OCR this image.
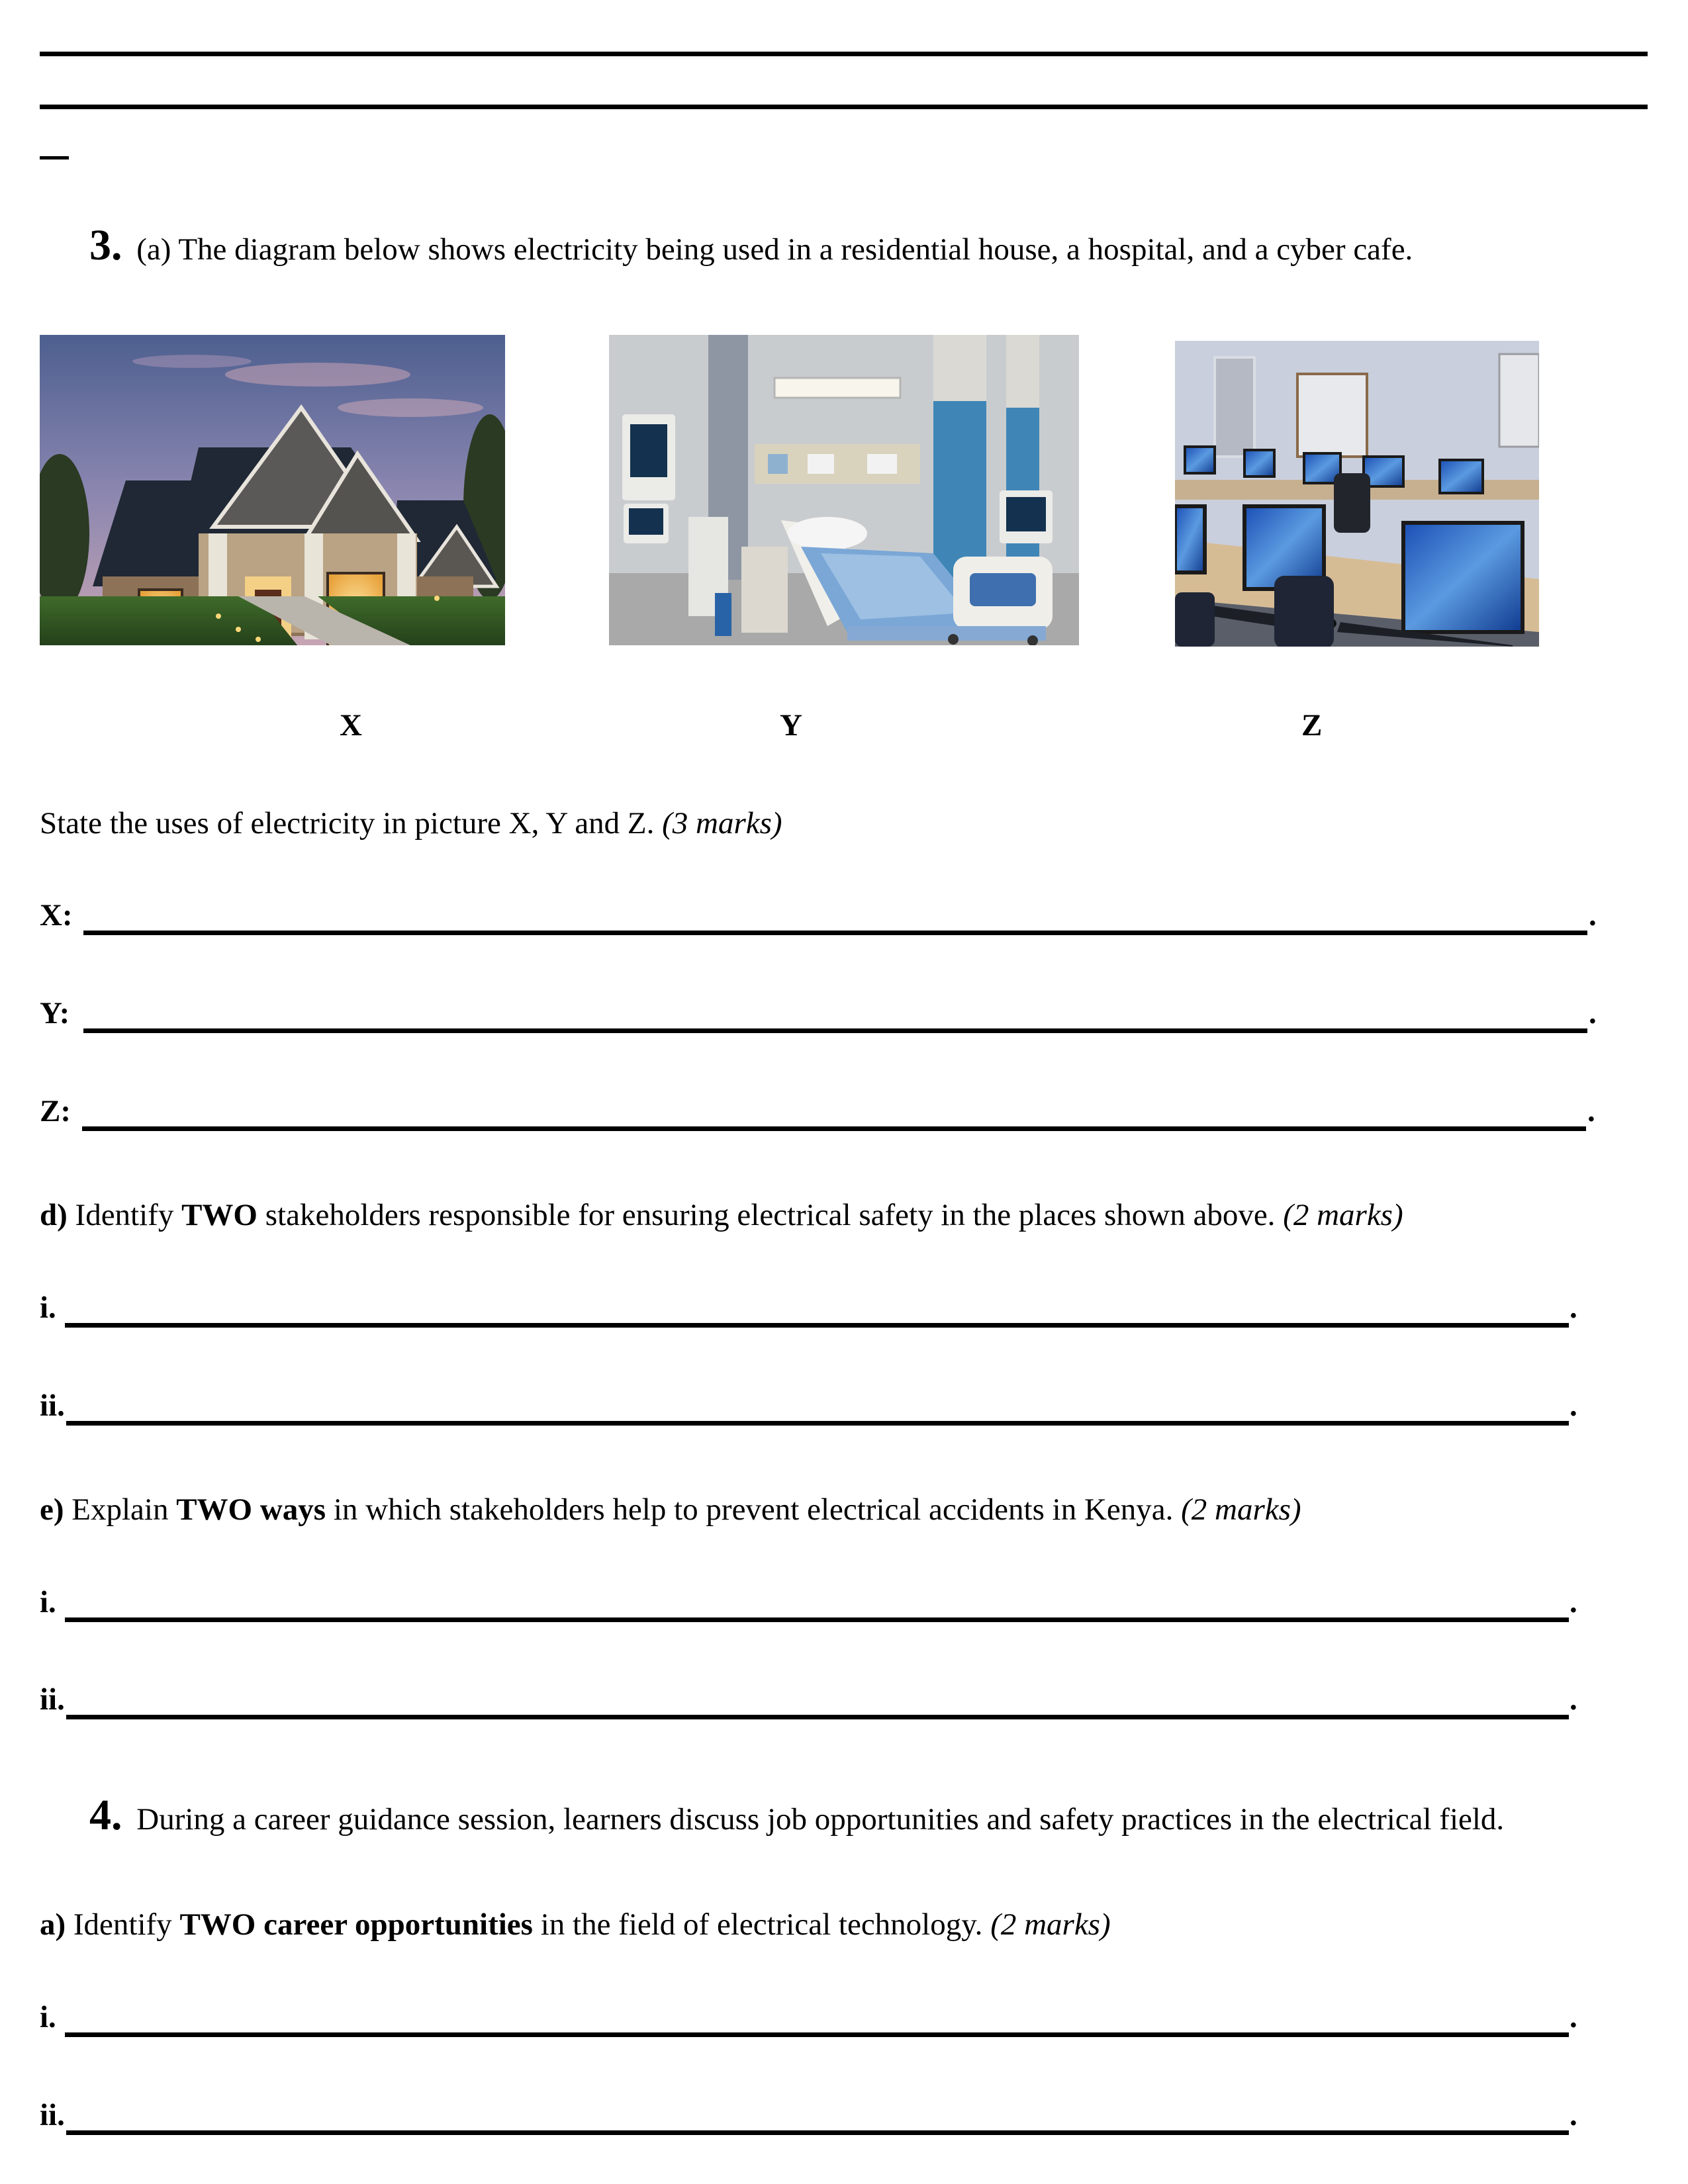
3. (a) The diagram below shows electricity being used in a residential house, a hospital, and a cyber cafe.
X	Y	Z
State the uses of electricity in picture X, Y and Z. (3 marks)
X:	.
Y:	.
Z:	.
d) Identify TWO stakeholders responsible for ensuring electrical safety in the places shown above. (2 marks)
i.	.
ii.	.
e) Explain TWO ways in which stakeholders help to prevent electrical accidents in Kenya. (2 marks)
i.	.
ii.	.
4. During a career guidance session, learners discuss job opportunities and safety practices in the electrical field.
a) Identify TWO career opportunities in the field of electrical technology. (2 marks)
i.	.
ii.	.
